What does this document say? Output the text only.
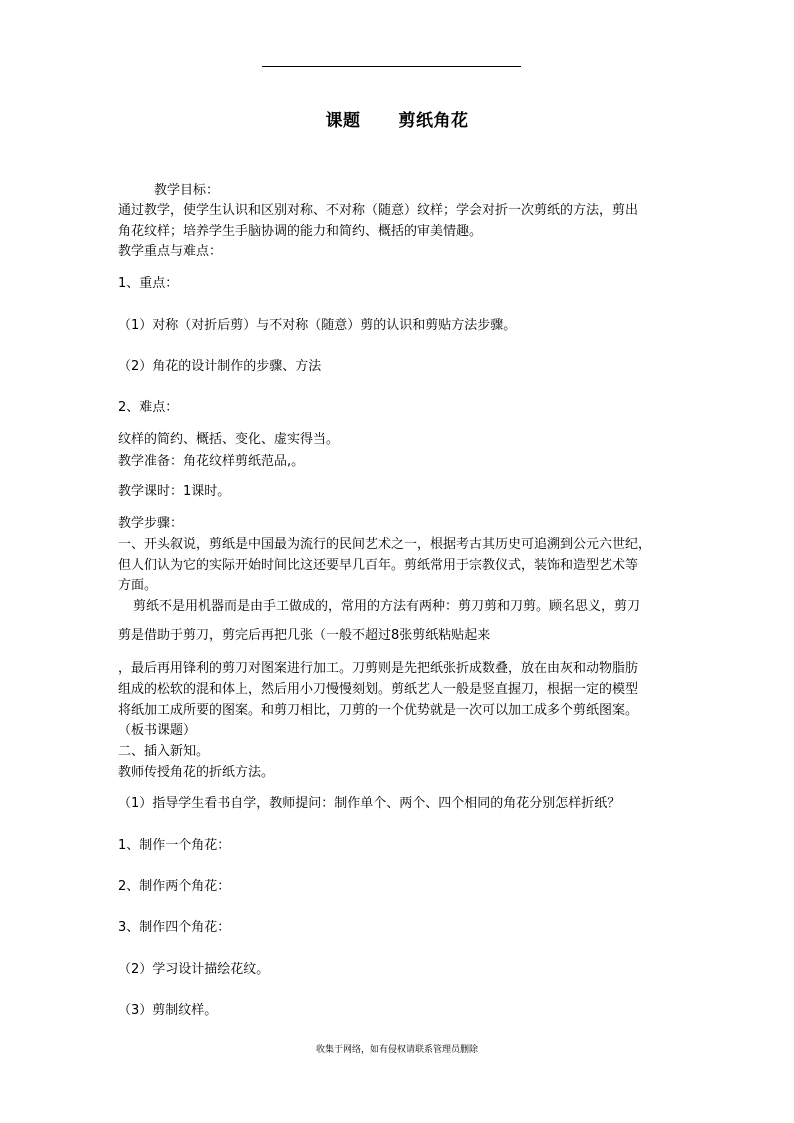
课题 剪纸角花
教学目标：
通过教学，使学生认识和区别对称、不对称（随意）纹样；学会对折一次剪纸的方法，剪出
角花纹样；培养学生手脑协调的能力和简约、概括的审美情趣。
教学重点与难点：
1、重点：
（1）对称（对折后剪）与不对称（随意）剪的认识和剪贴方法步骤。
（2）角花的设计制作的步骤、方法
2、难点：
纹样的简约、概括、变化、虚实得当。
教学准备：角花纹样剪纸范品,。
教学课时：1课时。
教学步骤：
一、开头叙说，剪纸是中国最为流行的民间艺术之一，根据考古其历史可追溯到公元六世纪，
但人们认为它的实际开始时间比这还要早几百年。剪纸常用于宗教仪式，装饰和造型艺术等
方面。
剪纸不是用机器而是由手工做成的，常用的方法有两种：剪刀剪和刀剪。顾名思义，剪刀
剪是借助于剪刀，剪完后再把几张（一般不超过8张剪纸粘贴起来
，最后再用锋利的剪刀对图案进行加工。刀剪则是先把纸张折成数叠，放在由灰和动物脂肪
组成的松软的混和体上，然后用小刀慢慢刻划。剪纸艺人一般是竖直握刀，根据一定的模型
将纸加工成所要的图案。和剪刀相比，刀剪的一个优势就是一次可以加工成多个剪纸图案。
（板书课题）
二、插入新知。
教师传授角花的折纸方法。
（1）指导学生看书自学，教师提问：制作单个、两个、四个相同的角花分别怎样折纸？
1、制作一个角花：
2、制作两个角花：
3、制作四个角花：
（2）学习设计描绘花纹。
（3）剪制纹样。
收集于网络，如有侵权请联系管理员删除
